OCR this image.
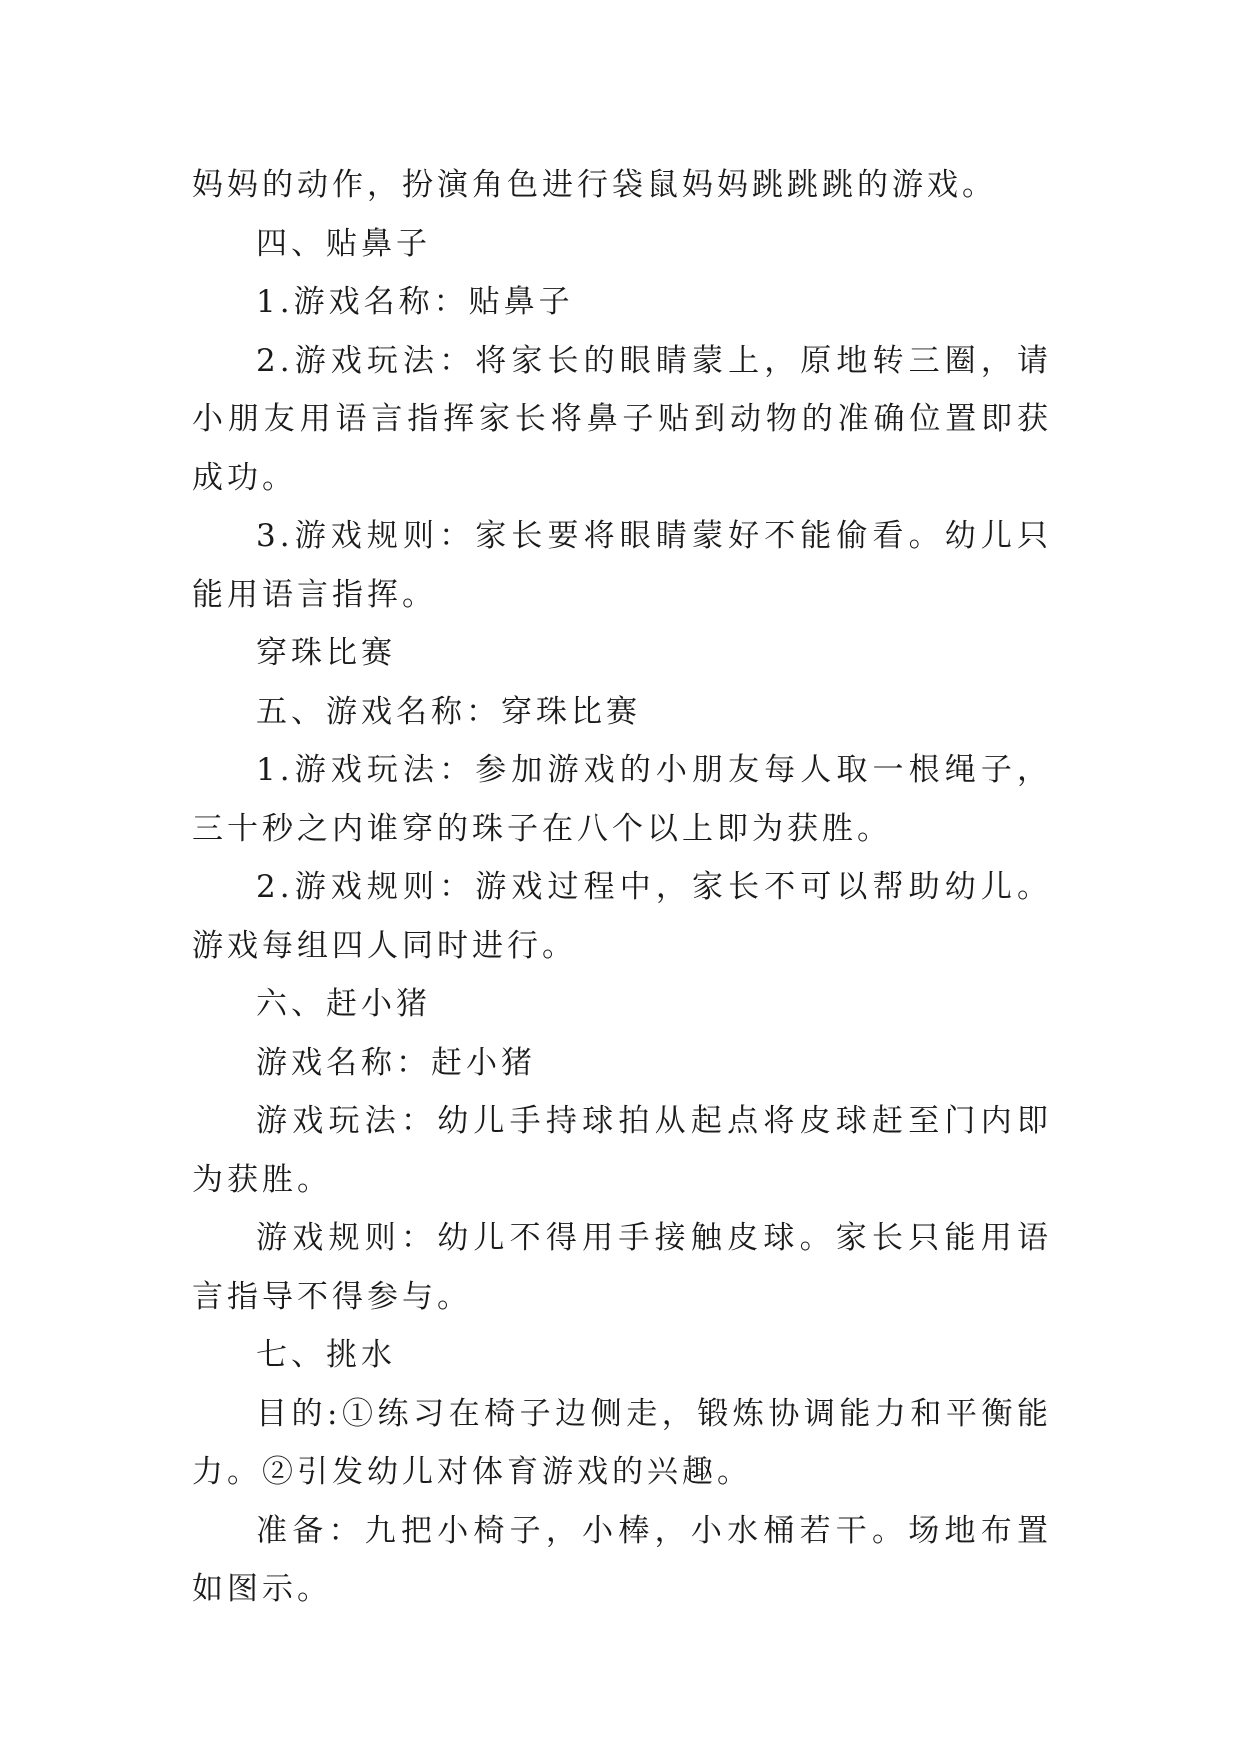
妈妈的动作，扮演角色进行袋鼠妈妈跳跳跳的游戏。

四、贴鼻子

1.游戏名称：贴鼻子

2.游戏玩法：将家长的眼睛蒙上，原地转三圈，请小朋友用语言指挥家长将鼻子贴到动物的准确位置即获成功。

3.游戏规则：家长要将眼睛蒙好不能偷看。幼儿只能用语言指挥。

穿珠比赛

五、游戏名称：穿珠比赛

1.游戏玩法：参加游戏的小朋友每人取一根绳子，三十秒之内谁穿的珠子在八个以上即为获胜。

2.游戏规则：游戏过程中，家长不可以帮助幼儿。游戏每组四人同时进行。

六、赶小猪

游戏名称：赶小猪

游戏玩法：幼儿手持球拍从起点将皮球赶至门内即为获胜。

游戏规则：幼儿不得用手接触皮球。家长只能用语言指导不得参与。

七、挑水

目的:①练习在椅子边侧走，锻炼协调能力和平衡能力。②引发幼儿对体育游戏的兴趣。

准备：九把小椅子，小棒，小水桶若干。场地布置如图示。
